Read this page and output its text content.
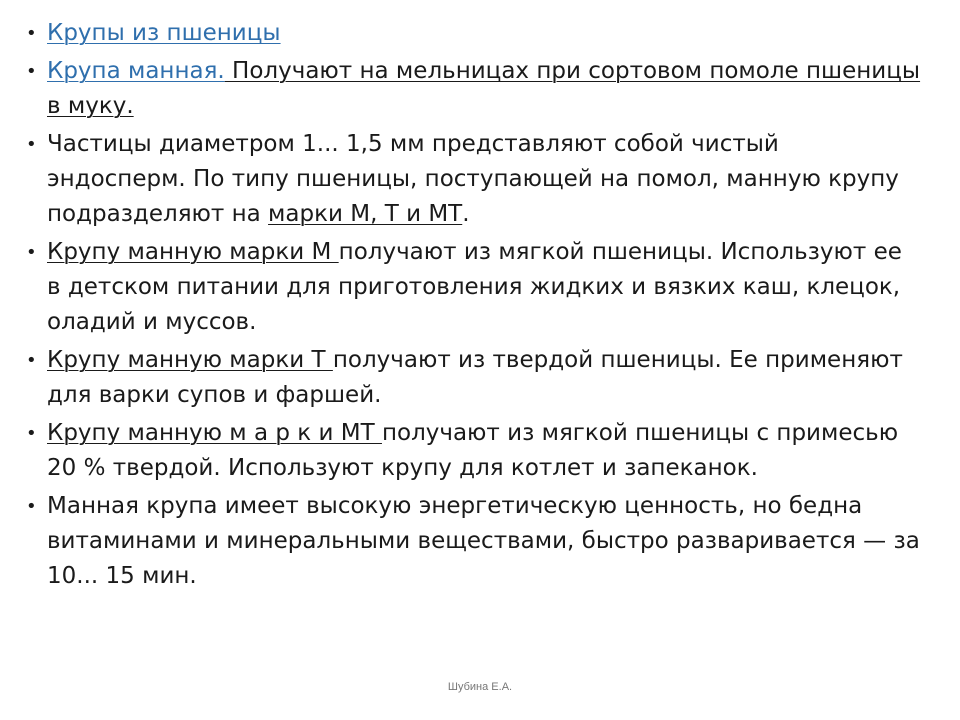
• Крупы из пшеницы
• Крупа манная. Получают на мельницах при сортовом помоле пшеницы в муку.
• Частицы диаметром 1... 1,5 мм представляют собой чистый эндосперм. По типу пшеницы, поступающей на помол, манную крупу подразделяют на марки М, Т и МТ.
• Крупу манную марки М получают из мягкой пшеницы. Используют ее в детском питании для приготовления жидких и вязких каш, клецок, оладий и муссов.
• Крупу манную марки Т получают из твердой пшеницы. Ее применяют для варки супов и фаршей.
• Крупу манную м а р к и МТ получают из мягкой пшеницы с примесью 20 % твердой. Используют крупу для котлет и запеканок.
• Манная крупа имеет высокую энергетическую ценность, но бедна витаминами и минеральными веществами, быстро разваривается — за 10... 15 мин.
Шубина Е.А.
